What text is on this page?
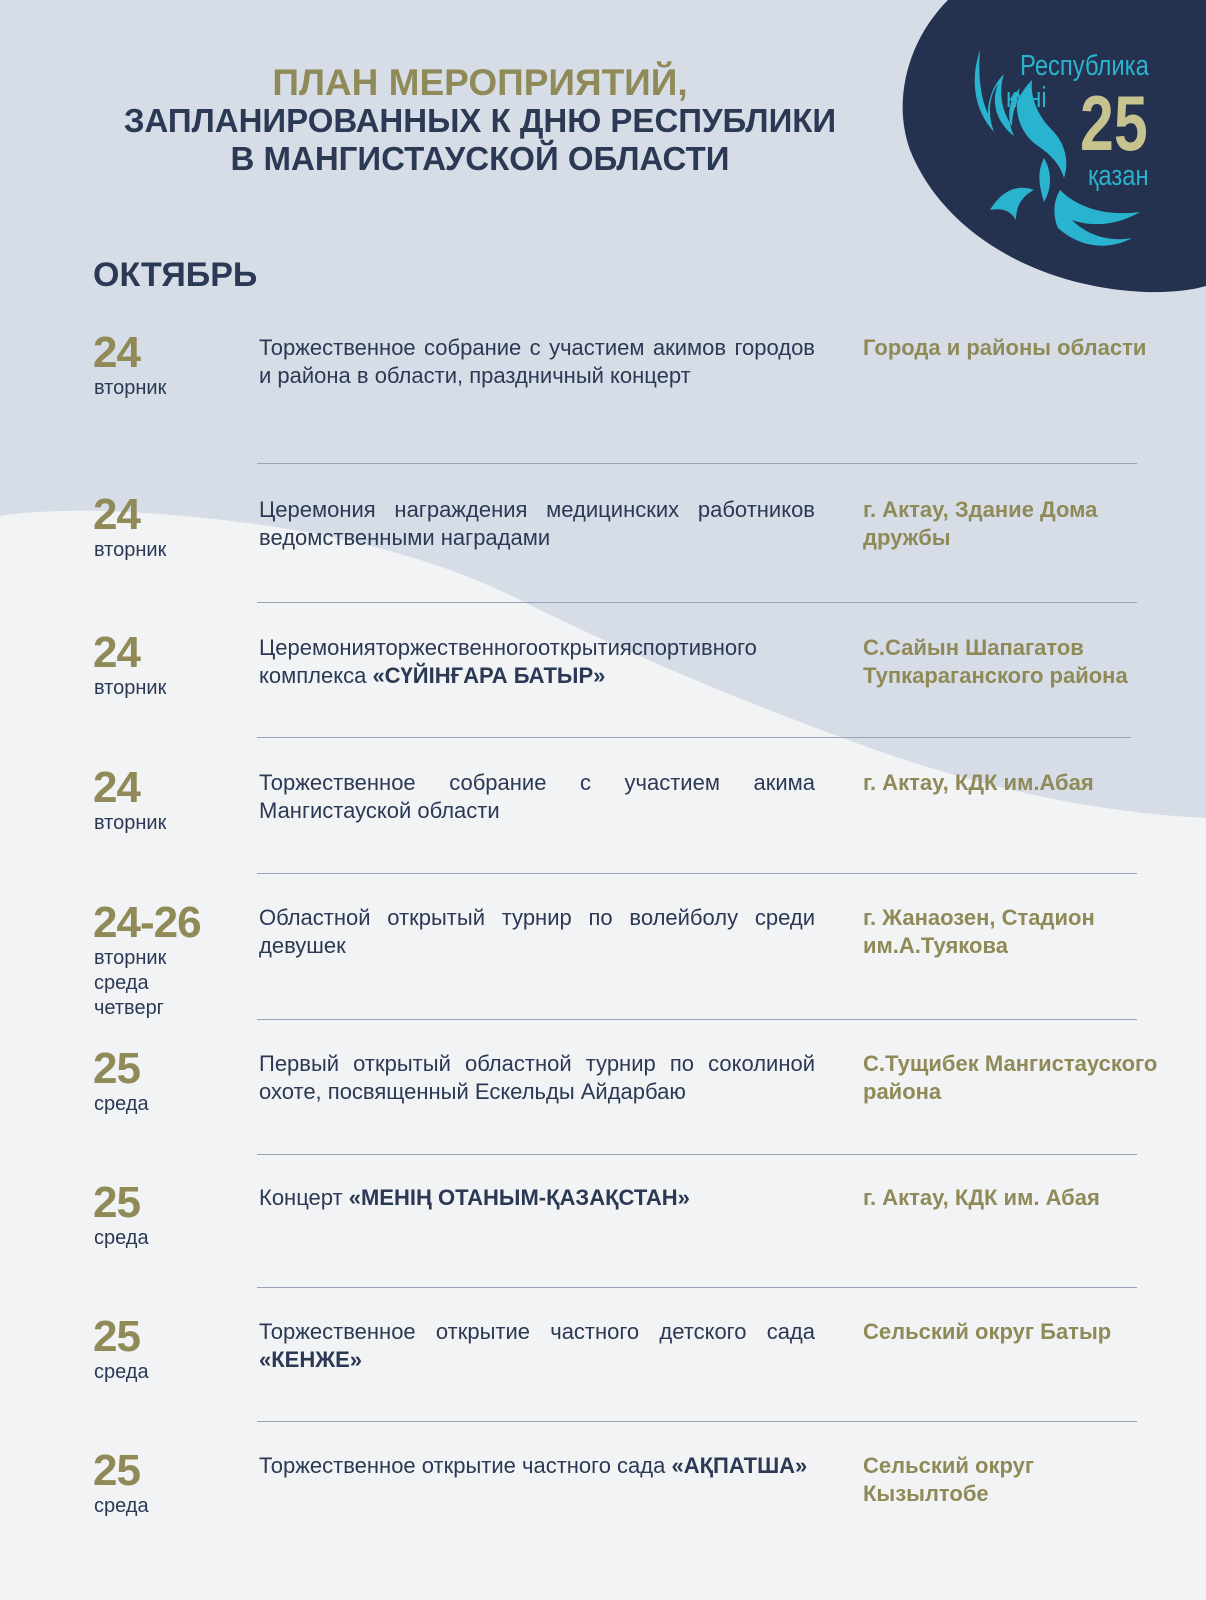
Республика
күні 25
қазан
ПЛАН МЕРОПРИЯТИЙ,
ЗАПЛАНИРОВАННЫХ К ДНЮ РЕСПУБЛИКИ
В МАНГИСТАУСКОЙ ОБЛАСТИ
ОКТЯБРЬ
24
вторник
Торжественное собрание с участием акимов городов и района в области, праздничный концерт
Города и районы области
24
вторник
Церемония награждения медицинских работников ведомственными наградами
г. Актау, Здание Дома дружбы
24
вторник
Церемонияторжественногооткрытияспортивного комплекса «СҮЙІНҒАРА БАТЫР»
С.Сайын Шапагатов Тупкараганского района
24
вторник
Торжественное собрание с участием акима Мангистауской области
г. Актау, КДК им.Абая
24-26
вторник
среда
четверг
Областной открытый турнир по волейболу среди девушек
г. Жанаозен, Стадион им.А.Туякова
25
среда
Первый открытый областной турнир по соколиной охоте, посвященный Ескельды Айдарбаю
С.Тущибек Мангистауского района
25
среда
Концерт «МЕНІҢ ОТАНЫМ-ҚАЗАҚСТАН»	г. Актау, КДК им. Абая
25
среда
Торжественное открытие частного детского сада «КЕНЖЕ»
Сельский округ Батыр
25
среда
Торжественное открытие частного сада «АҚПАТША»	Сельский округ Кызылтобе
